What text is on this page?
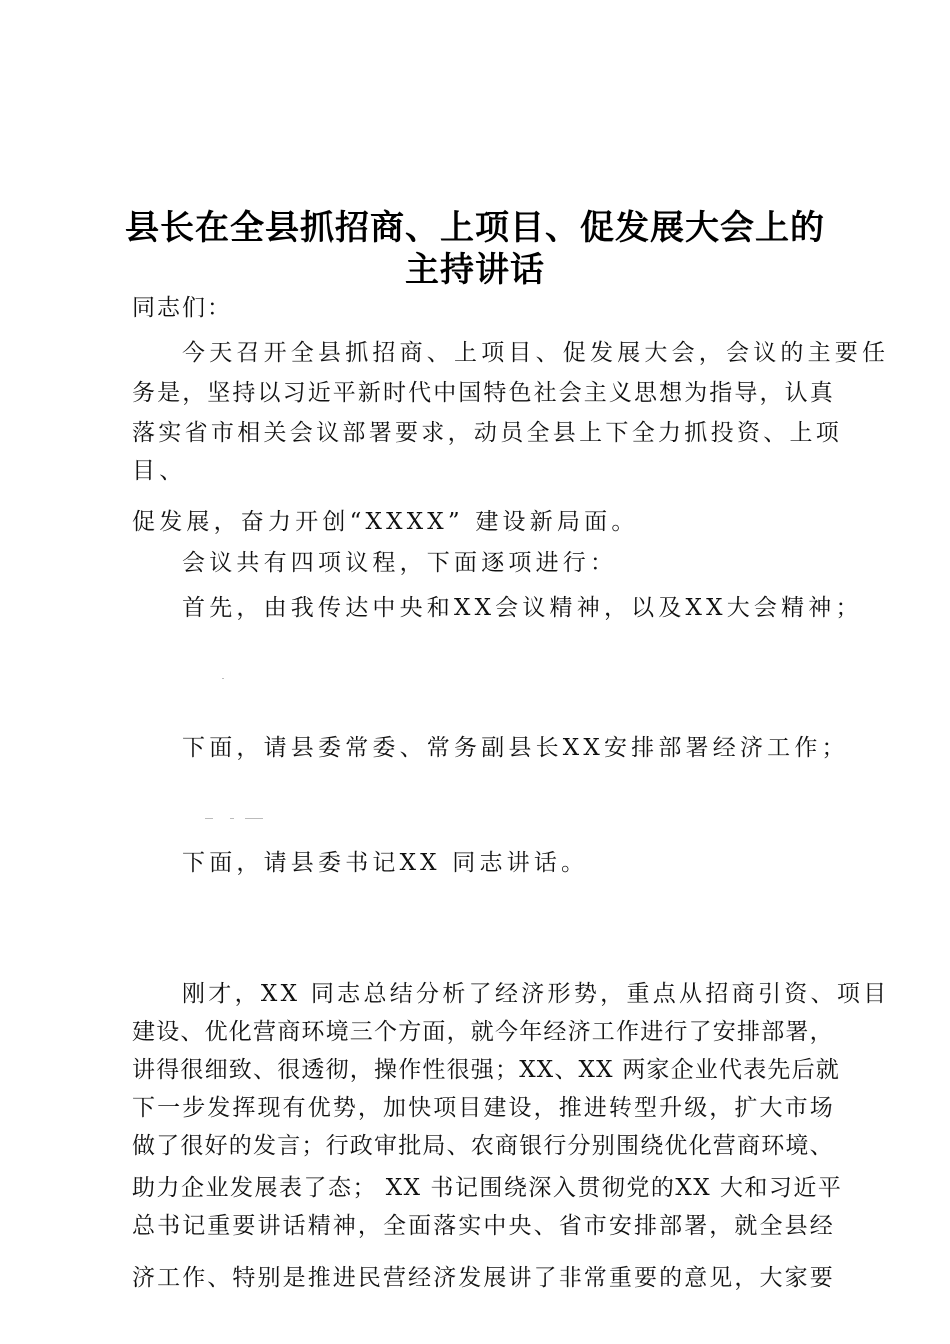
县长在全县抓招商、上项目、促发展大会上的
主持讲话
同志们：
今天召开全县抓招商、上项目、促发展大会，会议的主要任
务是，坚持以习近平新时代中国特色社会主义思想为指导，认真
落实省市相关会议部署要求，动员全县上下全力抓投资、上项
目、
促发展，奋力开创“XXXX” 建设新局面。
会议共有四项议程，下面逐项进行：
首先，由我传达中央和XX会议精神，以及XX大会精神；
下面，请县委常委、常务副县长XX安排部署经济工作；
下面，请县委书记XX 同志讲话。
刚才，XX 同志总结分析了经济形势，重点从招商引资、项目
建设、优化营商环境三个方面，就今年经济工作进行了安排部署，
讲得很细致、很透彻，操作性很强；XX、XX 两家企业代表先后就
下一步发挥现有优势，加快项目建设，推进转型升级，扩大市场
做了很好的发言；行政审批局、农商银行分别围绕优化营商环境、
助力企业发展表了态； XX 书记围绕深入贯彻党的XX 大和习近平
总书记重要讲话精神，全面落实中央、省市安排部署，就全县经
济工作、特别是推进民营经济发展讲了非常重要的意见，大家要
